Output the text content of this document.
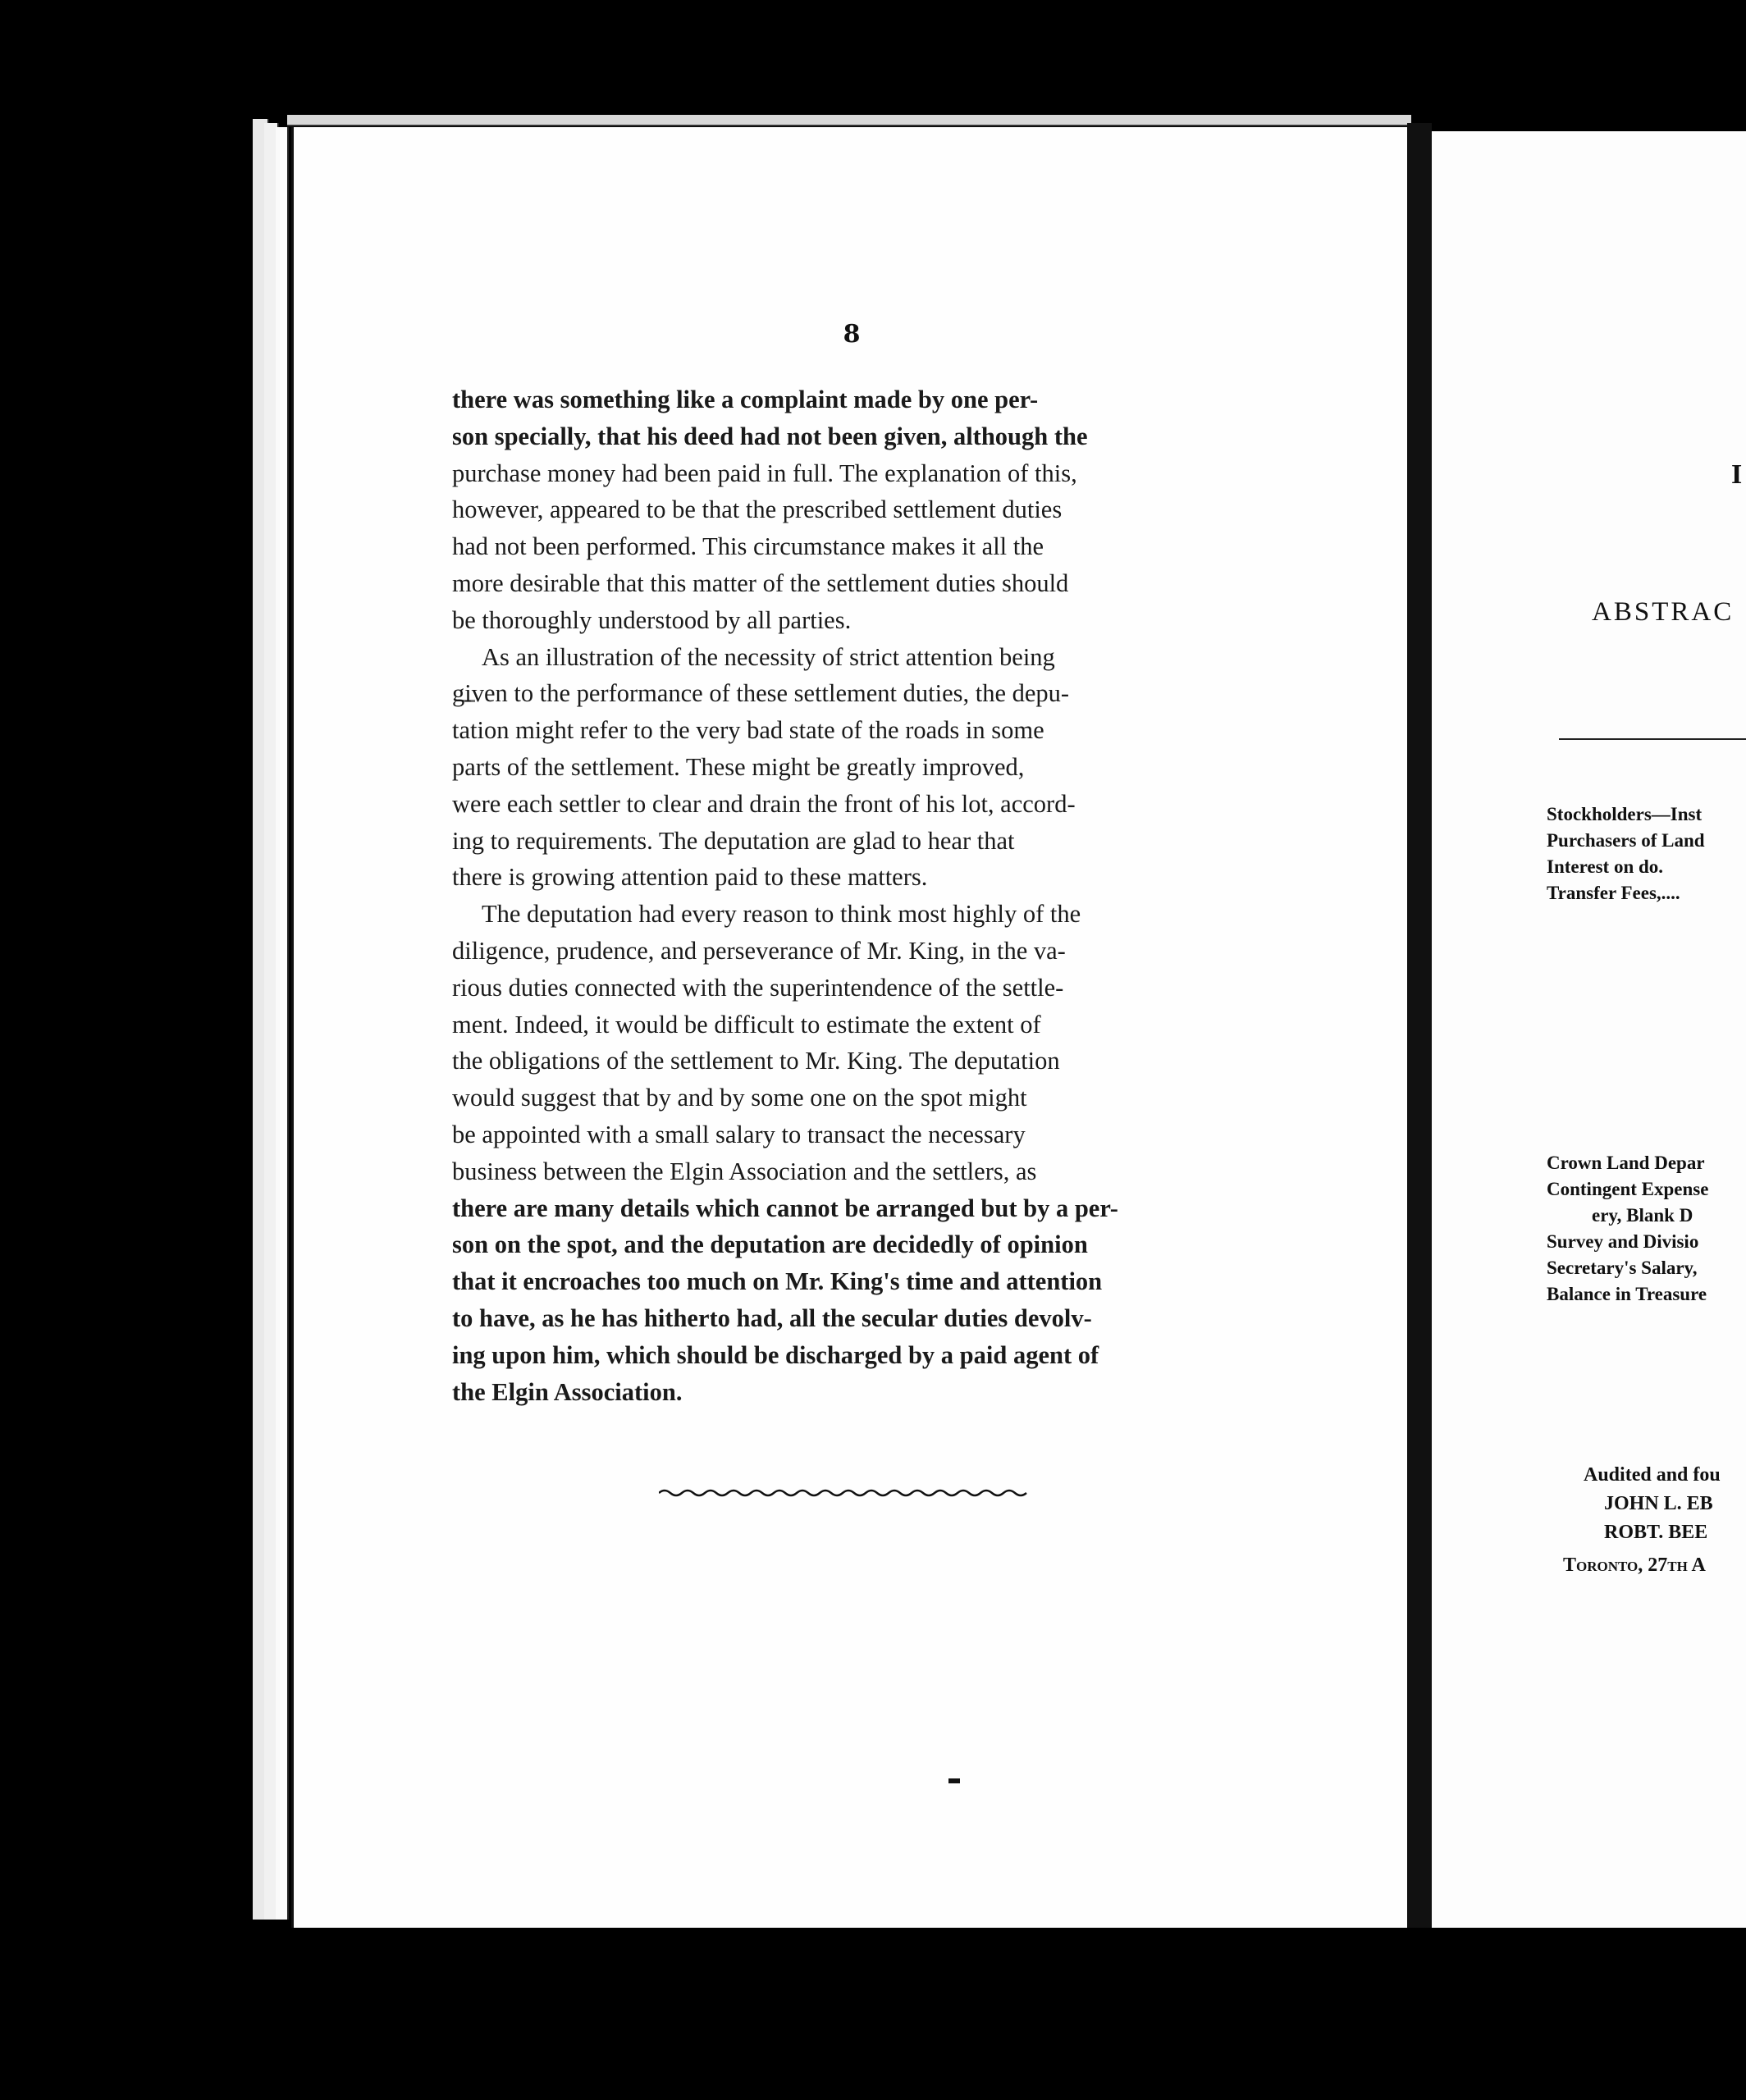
8

there was something like a complaint made by one per-
son specially, that his deed had not been given, although the
purchase money had been paid in full. The explanation of this,
however, appeared to be that the prescribed settlement duties
had not been performed. This circumstance makes it all the
more desirable that this matter of the settlement duties should
be thoroughly understood by all parties.

As an illustration of the necessity of strict attention being
given to the performance of these settlement duties, the depu-
tation might refer to the very bad state of the roads in some
parts of the settlement. These might be greatly improved,
were each settler to clear and drain the front of his lot, accord-
ing to requirements. The deputation are glad to hear that
there is growing attention paid to these matters.

The deputation had every reason to think most highly of the
diligence, prudence, and perseverance of Mr. King, in the va-
rious duties connected with the superintendence of the settle-
ment. Indeed, it would be difficult to estimate the extent of
the obligations of the settlement to Mr. King. The deputation
would suggest that by and by some one on the spot might
be appointed with a small salary to transact the necessary
business between the Elgin Association and the settlers, as
there are many details which cannot be arranged but by a per-
son on the spot, and the deputation are decidedly of opinion
that it encroaches too much on Mr. King's time and attention
to have, as he has hitherto had, all the secular duties devolv-
ing upon him, which should be discharged by a paid agent of
the Elgin Association.

I
ABSTRAC
Stockholders—Inst
Purchasers of Land
Interest on do.
Transfer Fees,....
Crown Land Depar
Contingent Expense
ery, Blank D
Survey and Divisio
Secretary's Salary,
Balance in Treasure
Audited and fou
JOHN L. EB
ROBT. BEE
Toronto, 27th A
